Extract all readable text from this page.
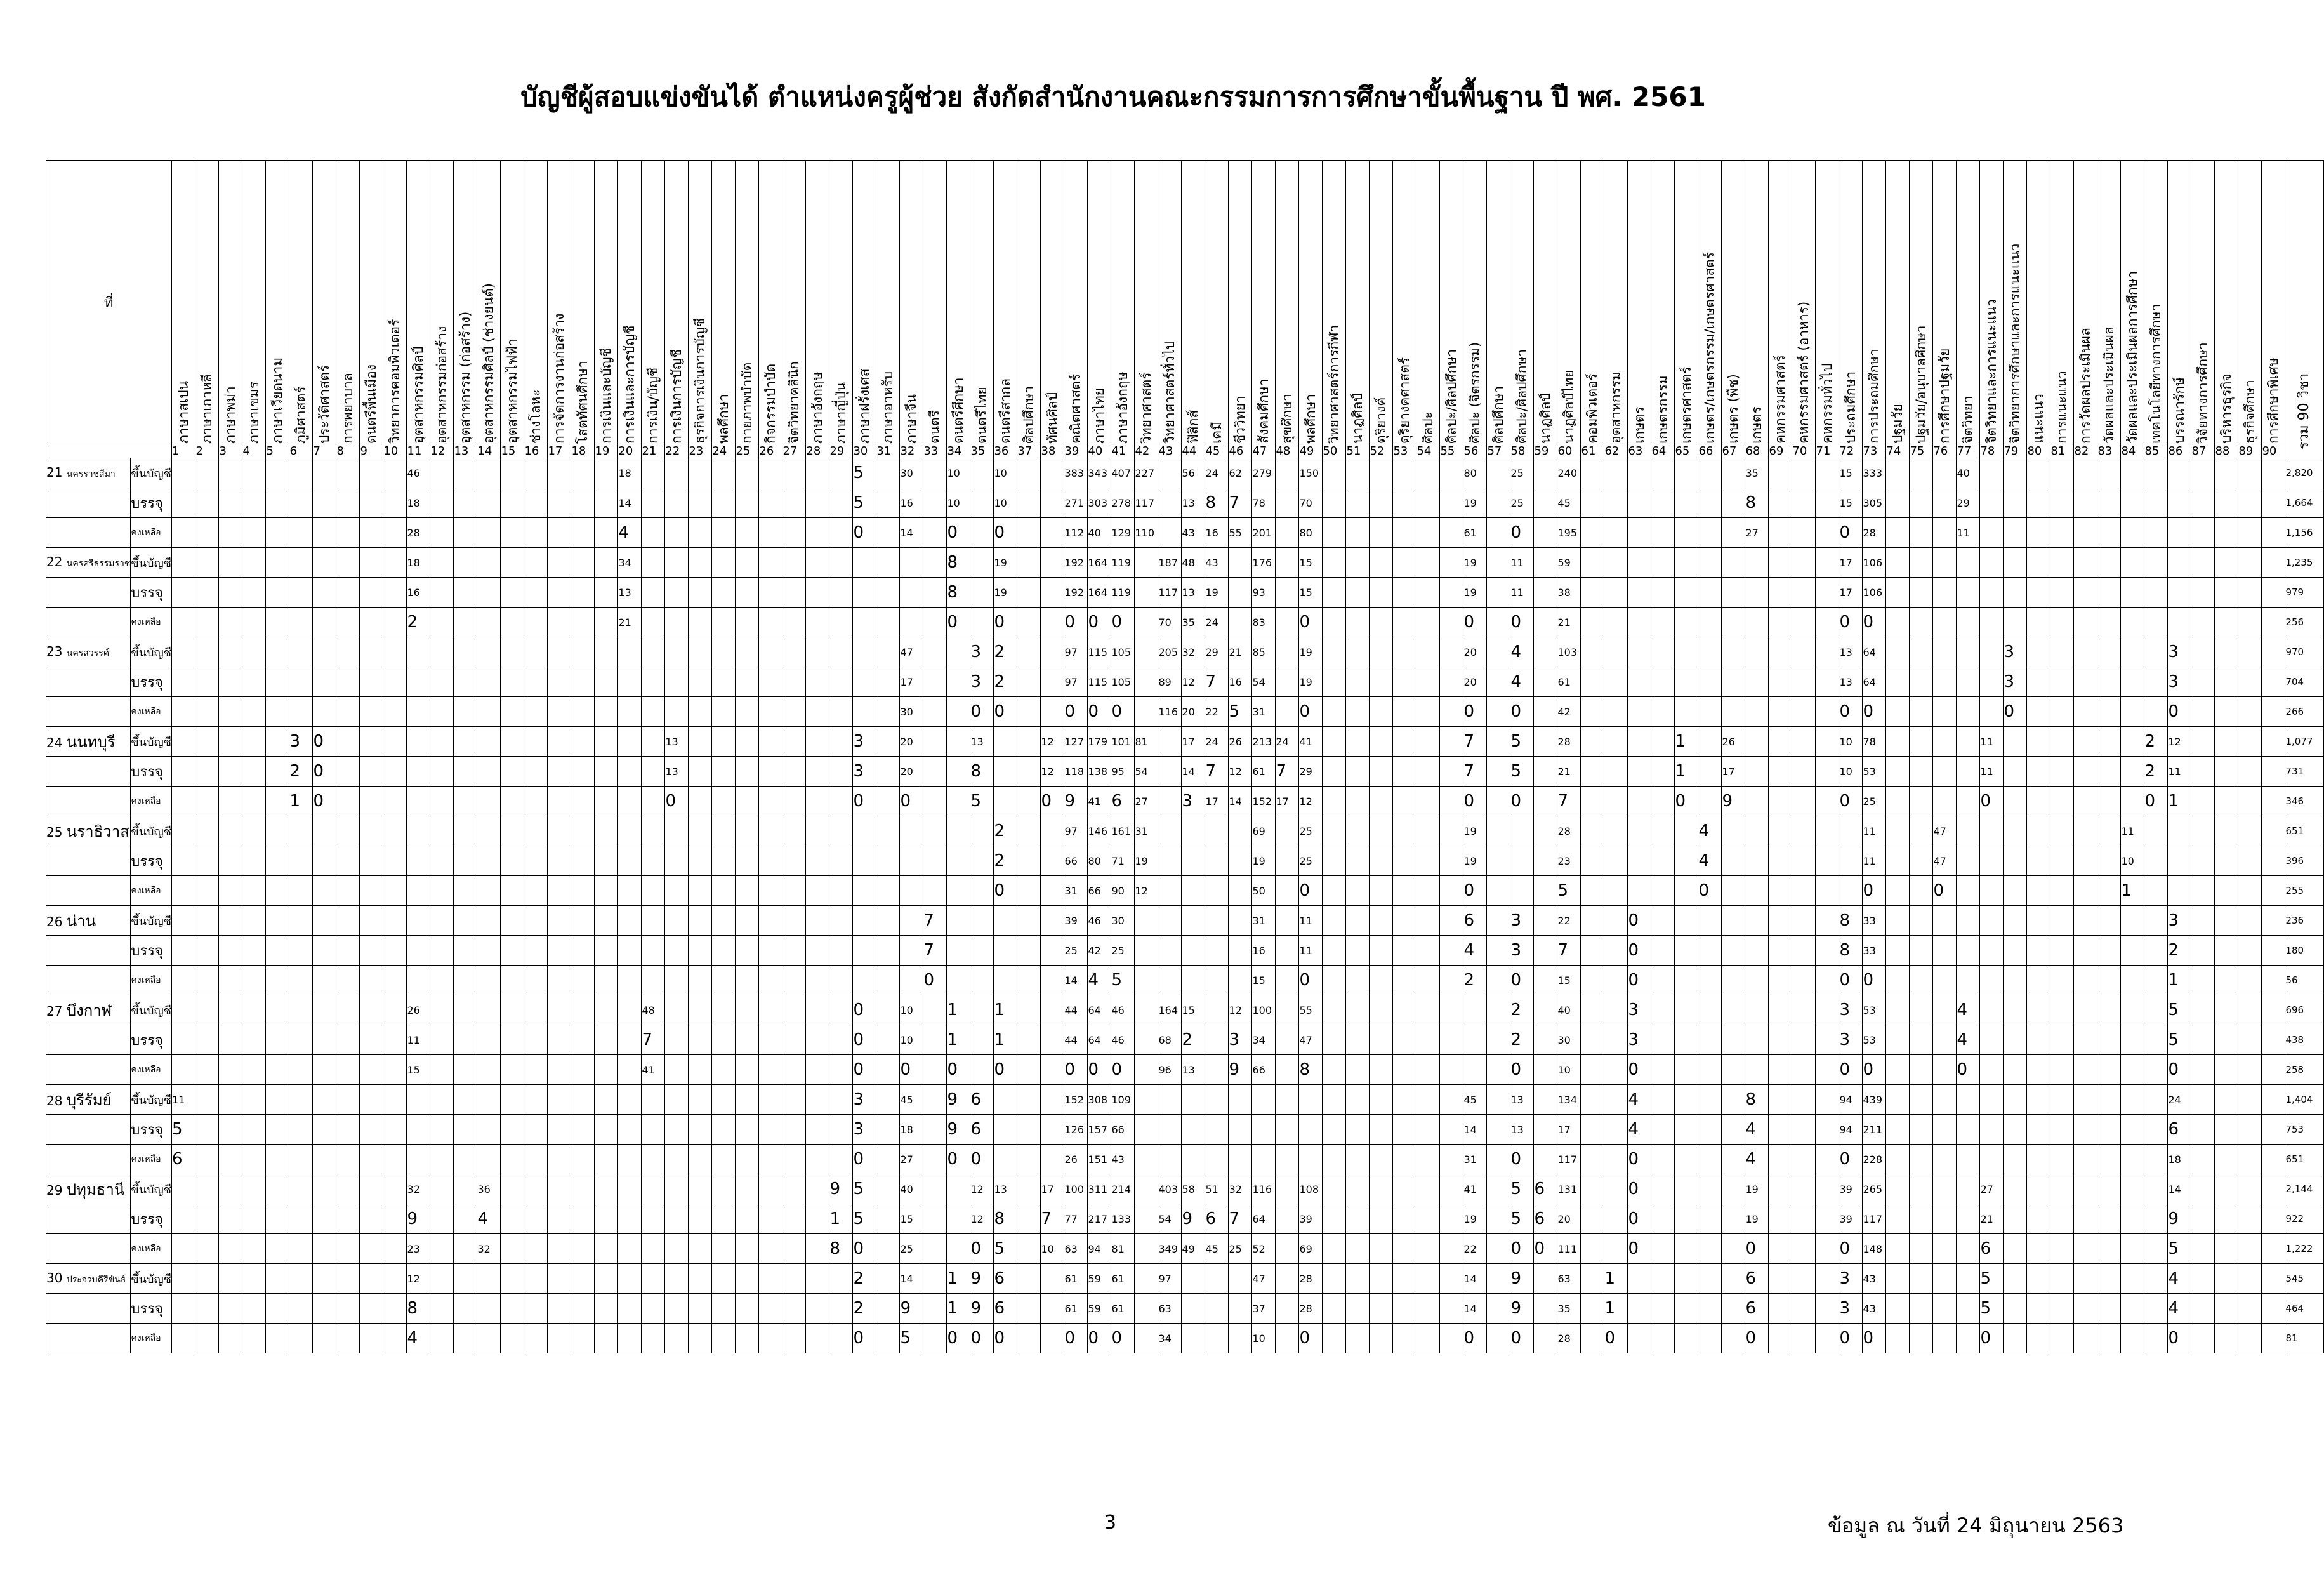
บัญชีผู้สอบแข่งขันได้ ตำแหน่งครูผู้ช่วย สังกัดสำนักงานคณะกรรมการการศึกษาขั้นพื้นฐาน ปี พศ. 2561
ที่	ภาษาสเปน	ภาษาเกาหลี	ภาษาพม่า	ภาษาเขมร	ภาษาเวียดนาม	ภูมิศาสตร์	ประวัติศาสตร์	การพยาบาล	ดนตรีพื้นเมือง	วิทยาการคอมพิวเตอร์	อุตสาหกรรมศิลป์	อุตสาหกรรมก่อสร้าง	อุตสาหกรรม (ก่อสร้าง)	อุตสาหกรรมศิลป์ (ช่างยนต์)	อุตสาหกรรมไฟฟ้า	ช่างโลหะ	การจัดการงานก่อสร้าง	โสตทัศนศึกษา	การเงินและบัญชี	การเงินและการบัญชี	การเงิน/บัญชี	การเงินการบัญชี	ธุรกิจการเงินการบัญชี	พลศึกษา	กายภาพบำบัด	กิจกรรมบำบัด	จิตวิทยาคลินิก	ภาษาอังกฤษ	ภาษาญี่ปุ่น	ภาษาฝรั่งเศส	ภาษาอาหรับ	ภาษาจีน	ดนตรี	ดนตรีศึกษา	ดนตรีไทย	ดนตรีสากล	ศิลปศึกษา	ทัศนศิลป์	คณิตศาสตร์	ภาษาไทย	ภาษาอังกฤษ	วิทยาศาสตร์	วิทยาศาสตร์ทั่วไป	ฟิสิกส์	เคมี	ชีววิทยา	สังคมศึกษา	สุขศึกษา	พลศึกษา	วิทยาศาสตร์การกีฬา	นาฏศิลป์	ดุริยางค์	ดุริยางคศาสตร์	ศิลปะ	ศิลปะ/ศิลปศึกษา	ศิลปะ (จิตรกรรม)	ศิลปศึกษา	ศิลปะ/ศิลปศึกษา	นาฏศิลป์	นาฏศิลป์ไทย	คอมพิวเตอร์	อุตสาหกรรม	เกษตร	เกษตรกรรม	เกษตรศาสตร์	เกษตร/เกษตรกรรม/เกษตรศาสตร์	เกษตร (พืช)	เกษตร	คหกรรมศาสตร์	คหกรรมศาสตร์ (อาหาร)	คหกรรมทั่วไป	ประถมศึกษา	การประถมศึกษา	ปฐมวัย	ปฐมวัย/อนุบาลศึกษา	การศึกษาปฐมวัย	จิตวิทยา	จิตวิทยาและการแนะแนว	จิตวิทยาการศึกษาและการแนะแนว	แนะแนว	การแนะแนว	การวัดผลประเมินผล	วัดผลและประเมินผล	วัดผลและประเมินผลการศึกษา	เทคโนโลยีทางการศึกษา	บรรณารักษ์	วิจัยทางการศึกษา	บริหารธุรกิจ	ธุรกิจศึกษา	การศึกษาพิเศษ	รวม 90 วิชา

	1	2	3	4	5	6	7	8	9	10	11	12	13	14	15	16	17	18	19	20	21	22	23	24	25	26	27	28	29	30	31	32	33	34	35	36	37	38	39	40	41	42	43	44	45	46	47	48	49	50	51	52	53	54	55	56	57	58	59	60	61	62	63	64	65	66	67	68	69	70	71	72	73	74	75	76	77	78	79	80	81	82	83	84	85	86	87	88	89	90
21 นครราชสีมา	ขึ้นบัญชี											46									18										5		30		10		10			383	343	407	227		56	24	62	279		150							80		25		240								35				15	333				40														2,820
	บรรจุ											18									14										5		16		10		10			271	303	278	117		13	8	7	78		70							19		25		45								8				15	305				29														1,664
	คงเหลือ											28									4										0		14		0		0			112	40	129	110		43	16	55	201		80							61		0		195								27				0	28				11														1,156
22 นครศรีธรรมราช	ขึ้นบัญชี											18									34														8		19			192	164	119		187	48	43		176		15							19		11		59												17	106																		1,235
	บรรจุ											16									13														8		19			192	164	119		117	13	19		93		15							19		11		38												17	106																		979
	คงเหลือ											2									21														0		0			0	0	0		70	35	24		83		0							0		0		21												0	0																		256
23 นครสวรรค์	ขึ้นบัญชี																																47			3	2			97	115	105		205	32	29	21	85		19							20		4		103												13	64						3							3					970
	บรรจุ																																17			3	2			97	115	105		89	12	7	16	54		19							20		4		61												13	64						3							3					704
	คงเหลือ																																30			0	0			0	0	0		116	20	22	5	31		0							0		0		42												0	0						0							0					266
24 นนทบุรี	ขึ้นบัญชี						3	0															13								3		20			13			12	127	179	101	81		17	24	26	213	24	41							7		5		28					1		26					10	78					11							2	12					1,077
	บรรจุ						2	0															13								3		20			8			12	118	138	95	54		14	7	12	61	7	29							7		5		21					1		17					10	53					11							2	11					731
	คงเหลือ						1	0															0								0		0			5			0	9	41	6	27		3	17	14	152	17	12							0		0		7					0		9					0	25					0							0	1					346
25 นราธิวาส	ขึ้นบัญชี																																				2			97	146	161	31					69		25							19				28						4							11			47								11							651
	บรรจุ																																				2			66	80	71	19					19		25							19				23						4							11			47								10							396
	คงเหลือ																																				0			31	66	90	12					50		0							0				5						0							0			0								1							255
26 น่าน	ขึ้นบัญชี																																	7						39	46	30						31		11							6		3		22			0									8	33													3					236
	บรรจุ																																	7						25	42	25						16		11							4		3		7			0									8	33													2					180
	คงเหลือ																																	0						14	4	5						15		0							2		0		15			0									0	0													1					56
27 บึงกาฬ	ขึ้นบัญชี											26										48									0		10		1		1			44	64	46		164	15		12	100		55									2		40			3									3	53				4									5					696
	บรรจุ											11										7									0		10		1		1			44	64	46		68	2		3	34		47									2		30			3									3	53				4									5					438
	คงเหลือ											15										41									0		0		0		0			0	0	0		96	13		9	66		8									0		10			0									0	0				0									0					258
28 บุรีรัมย์	ขึ้นบัญชี	11																													3		45		9	6				152	308	109															45		13		134			4					8				94	439													24					1,404
	บรรจุ	5																													3		18		9	6				126	157	66															14		13		17			4					4				94	211													6					753
	คงเหลือ	6																													0		27		0	0				26	151	43															31		0		117			0					4				0	228													18					651
29 ปทุมธานี	ขึ้นบัญชี											32			36															9	5		40			12	13		17	100	311	214		403	58	51	32	116		108							41		5	6	131			0					19				39	265					27								14					2,144
	บรรจุ											9			4															1	5		15			12	8		7	77	217	133		54	9	6	7	64		39							19		5	6	20			0					19				39	117					21								9					922
	คงเหลือ											23			32															8	0		25			0	5		10	63	94	81		349	49	45	25	52		69							22		0	0	111			0					0				0	148					6								5					1,222
30 ประจวบคีรีขันธ์	ขึ้นบัญชี											12																			2		14		1	9	6			61	59	61		97				47		28							14		9		63		1						6				3	43					5								4					545
	บรรจุ											8																			2		9		1	9	6			61	59	61		63				37		28							14		9		35		1						6				3	43					5								4					464
	คงเหลือ											4																			0		5		0	0	0			0	0	0		34				10		0							0		0		28		0						0				0	0					0								0					81
3	ข้อมูล ณ วันที่ 24 มิถุนายน 2563
